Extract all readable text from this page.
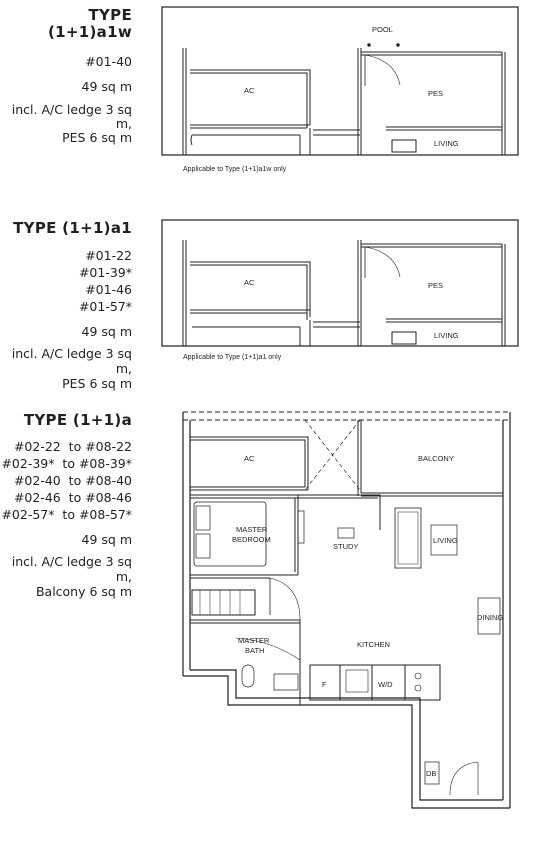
TYPE (1+1)a1w
#01-40
49 sq m
incl. A/C ledge 3 sq m,
PES 6 sq m
TYPE (1+1)a1
#01-22
#01-39*
#01-46
#01-57*
49 sq m
incl. A/C ledge 3 sq m,
PES 6 sq m
TYPE (1+1)a
#02-22  to #08-22
#02-39*  to #08-39*
#02-40  to #08-40
#02-46  to #08-46
#02-57*  to #08-57*
49 sq m
incl. A/C ledge 3 sq m,
Balcony 6 sq m
POOL
AC	PES
LIVING
Applicable to Type (1+1)a1w only
AC	PES
LIVING
Applicable to Type (1+1)a1 only
AC	BALCONY
MASTER
BEDROOM
STUDY
LIVING
DINING
MASTER
BATH
KITCHEN
F	W/D
DB
